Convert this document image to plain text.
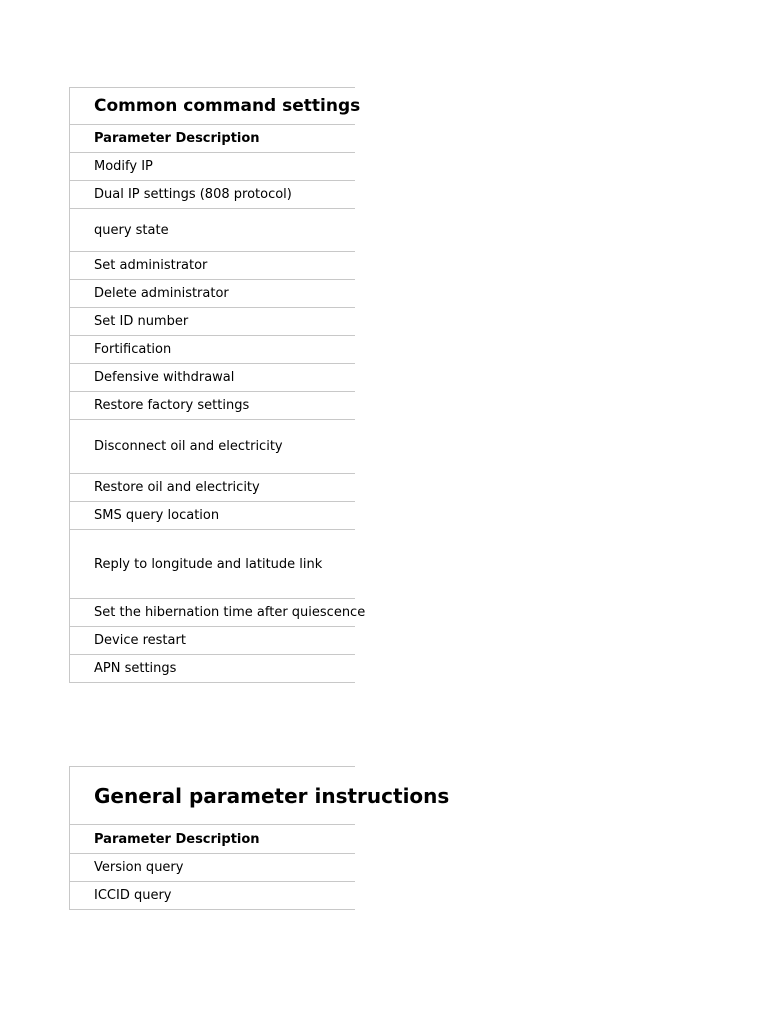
Common command settings
Parameter Description
Modify IP
Dual IP settings (808 protocol)
query state
Set administrator
Delete administrator
Set ID number
Fortification
Defensive withdrawal
Restore factory settings
Disconnect oil and electricity
Restore oil and electricity
SMS query location
Reply to longitude and latitude link
Set the hibernation time after quiescence
Device restart
APN settings
General parameter instructions
Parameter Description
Version query
ICCID query
